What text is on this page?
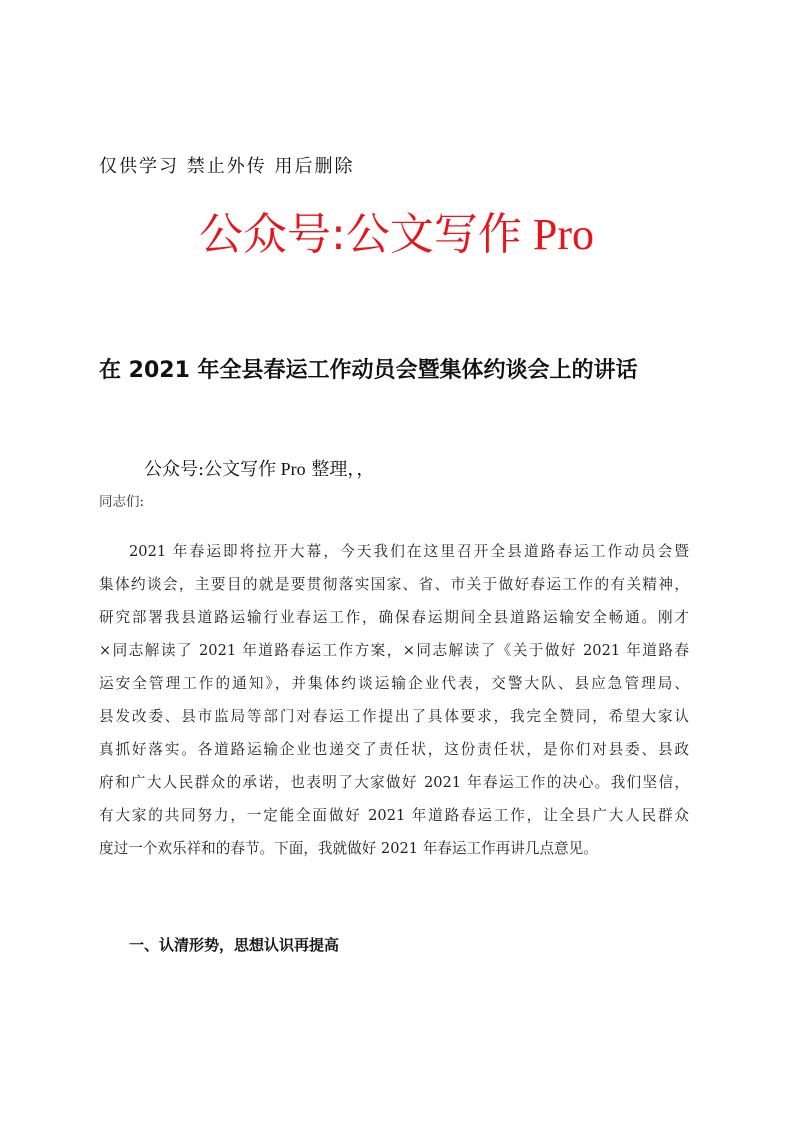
仅供学习 禁止外传 用后删除
公众号:公文写作 Pro
在 2021 年全县春运工作动员会暨集体约谈会上的讲话
公众号:公文写作 Pro 整理，，
同志们:
2021 年春运即将拉开大幕，今天我们在这里召开全县道路春运工作动员会暨
集体约谈会，主要目的就是要贯彻落实国家、省、市关于做好春运工作的有关精神，
研究部署我县道路运输行业春运工作，确保春运期间全县道路运输安全畅通。刚才
×同志解读了 2021 年道路春运工作方案，×同志解读了《关于做好 2021 年道路春
运安全管理工作的通知》，并集体约谈运输企业代表，交警大队、县应急管理局、
县发改委、县市监局等部门对春运工作提出了具体要求，我完全赞同，希望大家认
真抓好落实。各道路运输企业也递交了责任状，这份责任状，是你们对县委、县政
府和广大人民群众的承诺，也表明了大家做好 2021 年春运工作的决心。我们坚信，
有大家的共同努力，一定能全面做好 2021 年道路春运工作，让全县广大人民群众
度过一个欢乐祥和的春节。下面，我就做好 2021 年春运工作再讲几点意见。
一、认清形势，思想认识再提高
